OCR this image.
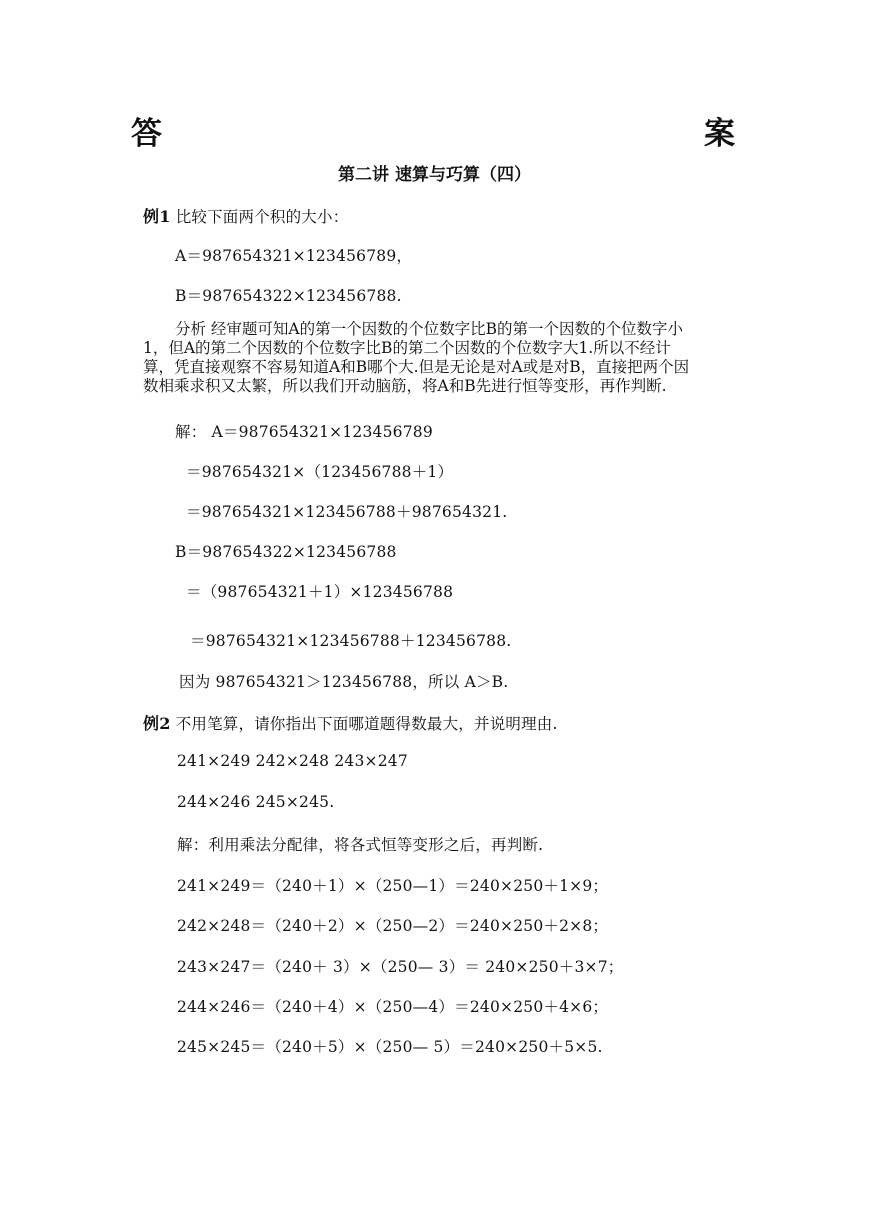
答	案
第二讲 速算与巧算（四）
例1 比较下面两个积的大小：
A＝987654321×123456789，
B＝987654322×123456788.
分析 经审题可知A的第一个因数的个位数字比B的第一个因数的个位数字小
1，但A的第二个因数的个位数字比B的第二个因数的个位数字大1.所以不经计
算，凭直接观察不容易知道A和B哪个大.但是无论是对A或是对B，直接把两个因
数相乘求积又太繁，所以我们开动脑筋，将A和B先进行恒等变形，再作判断.
解： A＝987654321×123456789
＝987654321×（123456788＋1）
＝987654321×123456788＋987654321.
B＝987654322×123456788
＝（987654321＋1）×123456788
＝987654321×123456788＋123456788.
因为 987654321＞123456788，所以 A＞B.
例2 不用笔算，请你指出下面哪道题得数最大，并说明理由.
241×249 242×248 243×247
244×246 245×245.
解：利用乘法分配律，将各式恒等变形之后，再判断.
241×249＝（240＋1）×（250—1）＝240×250＋1×9；
242×248＝（240＋2）×（250—2）＝240×250＋2×8；
243×247＝（240＋ 3）×（250— 3）＝ 240×250＋3×7；
244×246＝（240＋4）×（250—4）＝240×250＋4×6；
245×245＝（240＋5）×（250— 5）＝240×250＋5×5.
